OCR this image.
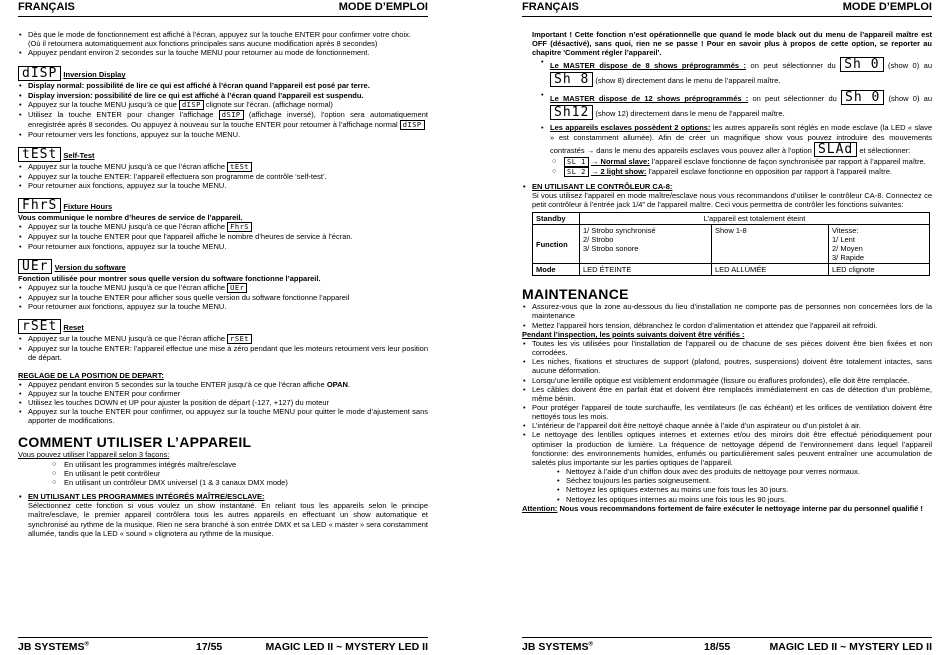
FRANÇAIS	MODE D’EMPLOI
• Dès que le mode de fonctionnement est affiché à l’écran, appuyez sur la touche ENTER pour confirmer votre choix.
(Où il retournera automatiquement aux fonctions principales sans aucune modification après 8 secondes)
• Appuyez pendant environ 2 secondes sur la touche MENU pour retourner au mode de fonctionnement.

dISP Inversion Display

• Display normal: possibilité de lire ce qui est affiché à l’écran quand l’appareil est posé par terre.
• Display inversion: possibilité de lire ce qui est affiché à l’écran quand l’appareil est suspendu.
• Appuyez sur la touche MENU jusqu’à ce que dISP clignote sur l’écran. (affichage normal)
• Utilisez la touche ENTER pour changer l’affichage dSIP (affichage inversé), l’option sera automatiquement enregistrée après 8 secondes. Ou appuyez à nouveau sur la touche ENTER pour retourner à l’affichage normal dISP
• Pour retourner vers les fonctions, appuyez sur la touche MENU.

tESt Self-Test

• Appuyez sur la touche MENU jusqu’à ce que l’écran affiche tESt
• Appuyez sur la touche ENTER: l’appareil effectuera son programme de contrôle ‘self-test’.
• Pour retourner aux fonctions, appuyez sur la touche MENU.

FhrS Fixture Hours

Vous communique le nombre d’heures de service de l’appareil.

• Appuyez sur la touche MENU jusqu’à ce que l’écran affiche FhrS
• Appuyez sur la touche ENTER pour que l’appareil affiche le nombre d’heures de service à l’écran.
• Pour retourner aux fonctions, appuyez sur la touche MENU.

UEr Version du software

Fonction utilisée pour montrer sous quelle version du software fonctionne l’appareil.

• Appuyez sur la touche MENU jusqu’à ce que l’écran affiche UEr
• Appuyez sur la touche ENTER pour afficher sous quelle version du software fonctionne l’appareil
• Pour retourner aux fonctions, appuyez sur la touche MENU.

rSEt Reset

• Appuyez sur la touche MENU jusqu’à ce que l’écran affiche rSEt
• Appuyez sur la touche ENTER: l’appareil effectue une mise à zéro pendant que les moteurs retournent vers leur position de départ.

REGLAGE DE LA POSITION DE DEPART:

• Appuyez pendant environ 5 secondes sur la touche ENTER jusqu’à ce que l’écran affiche OPAN.
• Appuyez sur la touche ENTER pour confirmer
• Utilisez les touches DOWN et UP pour ajuster la position de départ (-127, +127) du moteur
• Appuyez sur la touche ENTER pour confirmer, ou appuyez sur la touche MENU pour quitter le mode d’ajustement sans apporter de modifications.

COMMENT UTILISER L’APPAREIL

Vous pouvez utiliser l’appareil selon 3 façons:

○ En utilisant les programmes intégrés maître/esclave
○ En utilisant le petit contrôleur
○ En utilisant un contrôleur DMX universel (1 & 3 canaux DMX mode)
• EN UTILISANT LES PROGRAMMES INTÉGRÉS MAÎTRE/ESCLAVE:

Sélectionnez cette fonction si vous voulez un show instantané. En reliant tous les appareils selon le principe maître/esclave, le premier appareil contrôlera tous les autres appareils en effectuant un show automatique et synchronisé au rythme de la musique. Rien ne sera branché à son entrée DMX et sa LED « master » sera constamment allumée, tandis que la LED « sound » clignotera au rythme de la musique.

JB SYSTEMS®	17/55	MAGIC LED II ~ MYSTERY LED II
FRANÇAIS	MODE D’EMPLOI

Important ! Cette fonction n’est opérationnelle que quand le mode black out du menu de l’appareil maître est OFF (désactivé), sans quoi, rien ne se passe ! Pour en savoir plus à propos de cette option, se reporter au chapitre 'Comment régler l’appareil'.

• Le MASTER dispose de 8 shows préprogrammés : on peut sélectionner du Sh 0 (show 0) au Sh 8 (show 8) directement dans le menu de l’appareil maître.
• Le MASTER dispose de 12 shows préprogrammés : on peut sélectionner du Sh 0 (show 0) au Sh12 (show 12) directement dans le menu de l’appareil maître.
• Les appareils esclaves possèdent 2 options: les autres appareils sont réglés en mode esclave (la LED « slave » est constamment allumée). Afin de créer un magnifique show vous pouvez introduire des mouvements contrastés → dans le menu des appareils esclaves vous pouvez aller à l’option SLAd et sélectionner:
○ SL 1 → Normal slave: l’appareil esclave fonctionne de façon synchronisée par rapport à l’appareil maître.
○ SL 2 → 2 light show: l’appareil esclave fonctionne en opposition par rapport à l’appareil maître.
• EN UTILISANT LE CONTRÔLEUR CA-8:

Si vous utilisez l’appareil en mode maître/esclave nous vous recommandons d’utiliser le contrôleur CA-8. Connectez ce petit contrôleur à l’entrée jack 1/4” de l’appareil maître. Ceci vous permettra de contrôler les fonctions suivantes:

Standby	L’appareil est totalement éteint		
Function	1/ Strobo synchronisé
2/ Strobo
3/ Strobo sonore	Show 1-8	Vitesse:
1/ Lent
2/ Moyen
3/ Rapide
Mode	LED ÉTEINTE	LED ALLUMÉE	LED clignote

MAINTENANCE

• Assurez-vous que la zone au-dessous du lieu d’installation ne comporte pas de personnes non concernées lors de la maintenance
• Mettez l’appareil hors tension, débranchez le cordon d’alimentation et attendez que l’appareil ait refroidi.

Pendant l’inspection, les points suivants doivent être vérifiés :

• Toutes les vis utilisées pour l’installation de l’appareil ou de chacune de ses pièces doivent être bien fixées et non corrodées.
• Les niches, fixations et structures de support (plafond, poutres, suspensions) doivent être totalement intactes, sans aucune déformation.
• Lorsqu’une lentille optique est visiblement endommagée (fissure ou éraflures profondes), elle doit être remplacée.
• Les câbles doivent être en parfait état et doivent être remplacés immédiatement en cas de détection d’un problème, même bénin.
• Pour protéger l’appareil de toute surchauffe, les ventilateurs (le cas échéant) et les orifices de ventilation doivent être nettoyés tous les mois.
• L’intérieur de l’appareil doit être nettoyé chaque année à l’aide d’un aspirateur ou d’un pistolet à air.
• Le nettoyage des lentilles optiques internes et externes et/ou des miroirs doit être effectué périodiquement pour optimiser la production de lumière. La fréquence de nettoyage dépend de l’environnement dans lequel l’appareil fonctionne: des environnements humides, enfumés ou particulièrement sales peuvent entraîner une accumulation de saletés plus importante sur les parties optiques de l’appareil.
• Nettoyez à l’aide d’un chiffon doux avec des produits de nettoyage pour verres normaux.
• Séchez toujours les parties soigneusement.
• Nettoyez les optiques externes au moins une fois tous les 30 jours.
• Nettoyez les optiques internes au moins une fois tous les 90 jours.

Attention: Nous vous recommandons fortement de faire exécuter le nettoyage interne par du personnel qualifié !

JB SYSTEMS®	18/55	MAGIC LED II ~ MYSTERY LED II
